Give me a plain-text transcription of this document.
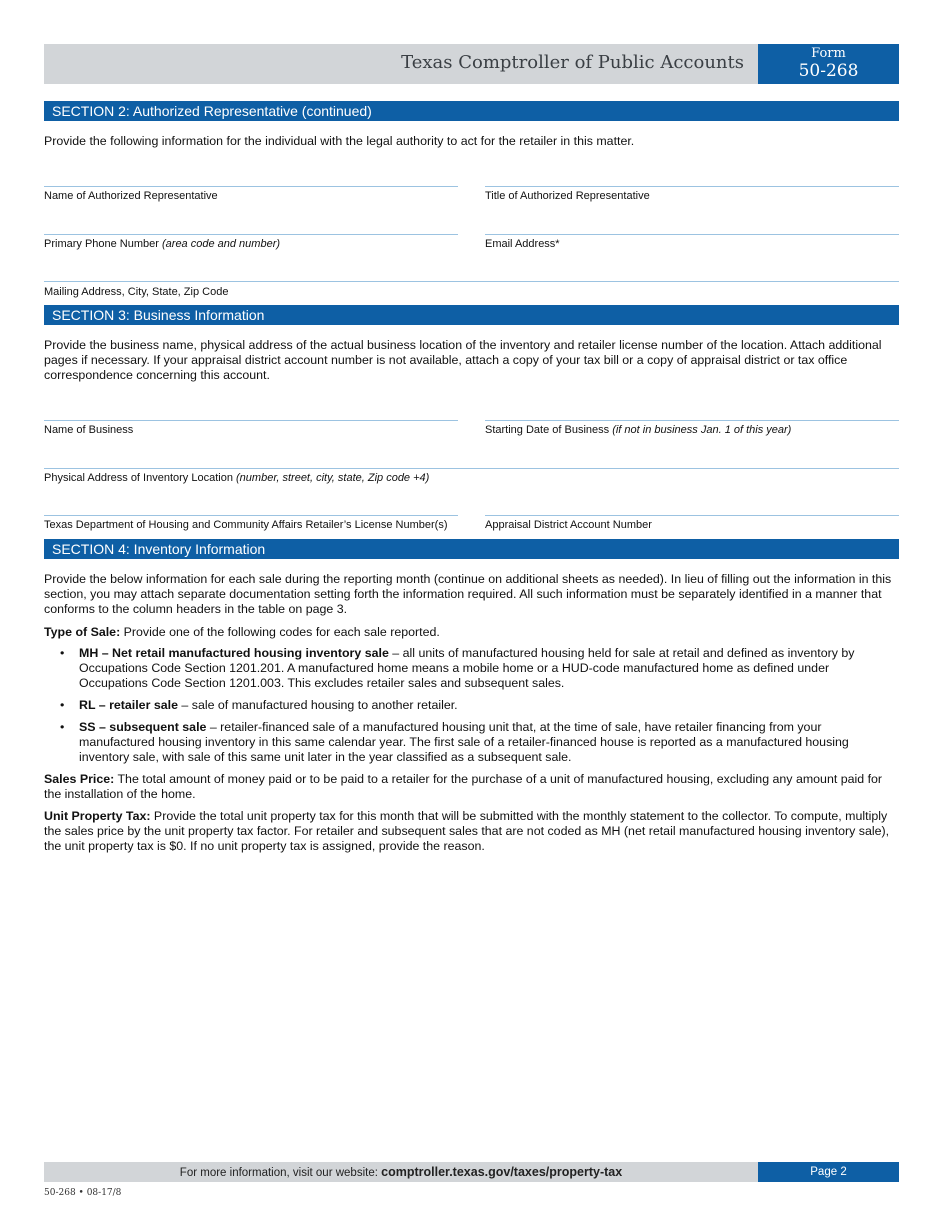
Texas Comptroller of Public Accounts	Form
50-268
SECTION 2: Authorized Representative (continued)

Provide the following information for the individual with the legal authority to act for the retailer in this matter.

Name of Authorized Representative	Title of Authorized Representative
Primary Phone Number (area code and number)	Email Address*
Mailing Address, City, State, Zip Code
SECTION 3: Business Information

Provide the business name, physical address of the actual business location of the inventory and retailer license number of the location. Attach additional pages if necessary. If your appraisal district account number is not available, attach a copy of your tax bill or a copy of appraisal district or tax office correspondence concerning this account.

Name of Business	Starting Date of Business (if not in business Jan. 1 of this year)
Physical Address of Inventory Location (number, street, city, state, Zip code +4)
Texas Department of Housing and Community Affairs Retailer’s License Number(s)	Appraisal District Account Number
SECTION 4: Inventory Information

Provide the below information for each sale during the reporting month (continue on additional sheets as needed). In lieu of filling out the information in this section, you may attach separate documentation setting forth the information required. All such information must be separately identified in a manner that conforms to the column headers in the table on page 3.

Type of Sale: Provide one of the following codes for each sale reported.

• MH – Net retail manufactured housing inventory sale – all units of manufactured housing held for sale at retail and defined as inventory by Occupations Code Section 1201.201. A manufactured home means a mobile home or a HUD-code manufactured home as defined under Occupations Code Section 1201.003. This excludes retailer sales and subsequent sales.
• RL – retailer sale – sale of manufactured housing to another retailer.
• SS – subsequent sale – retailer-financed sale of a manufactured housing unit that, at the time of sale, have retailer financing from your manufactured housing inventory in this same calendar year. The first sale of a retailer-financed house is reported as a manufactured housing inventory sale, with sale of this same unit later in the year classified as a subsequent sale.

Sales Price: The total amount of money paid or to be paid to a retailer for the purchase of a unit of manufactured housing, excluding any amount paid for the installation of the home.

Unit Property Tax: Provide the total unit property tax for this month that will be submitted with the monthly statement to the collector. To compute, multiply the sales price by the unit property tax factor. For retailer and subsequent sales that are not coded as MH (net retail manufactured housing inventory sale), the unit property tax is $0. If no unit property tax is assigned, provide the reason.

For more information, visit our website: comptroller.texas.gov/taxes/property-tax	Page 2
50-268 • 08-17/8
